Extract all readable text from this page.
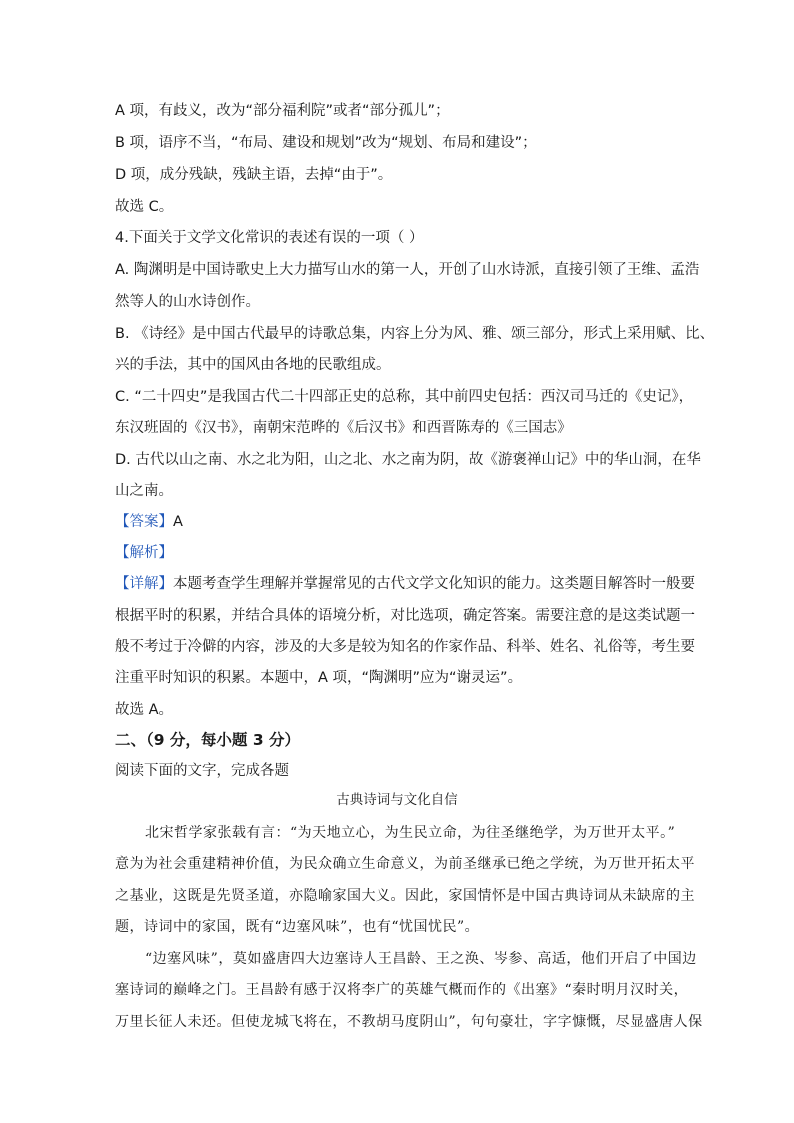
A 项，有歧义，改为“部分福利院”或者“部分孤儿”；
B 项，语序不当，“布局、建设和规划”改为“规划、布局和建设”；
D 项，成分残缺，残缺主语，去掉“由于”。
故选 C。
4.下面关于文学文化常识的表述有误的一项（ ）
A. 陶渊明是中国诗歌史上大力描写山水的第一人，开创了山水诗派，直接引领了王维、孟浩
然等人的山水诗创作。
B. 《诗经》是中国古代最早的诗歌总集，内容上分为风、雅、颂三部分，形式上采用赋、比、
兴的手法，其中的国风由各地的民歌组成。
C. “二十四史”是我国古代二十四部正史的总称，其中前四史包括：西汉司马迁的《史记》，
东汉班固的《汉书》，南朝宋范晔的《后汉书》和西晋陈寿的《三国志》
D. 古代以山之南、水之北为阳，山之北、水之南为阴，故《游褒禅山记》中的华山洞，在华
山之南。
【答案】A
【解析】
【详解】本题考查学生理解并掌握常见的古代文学文化知识的能力。这类题目解答时一般要
根据平时的积累，并结合具体的语境分析，对比选项，确定答案。需要注意的是这类试题一
般不考过于冷僻的内容，涉及的大多是较为知名的作家作品、科举、姓名、礼俗等，考生要
注重平时知识的积累。本题中，A 项，“陶渊明”应为“谢灵运”。
故选 A。
二、（9 分，每小题 3 分）
阅读下面的文字，完成各题
古典诗词与文化自信
北宋哲学家张载有言：“为天地立心，为生民立命，为往圣继绝学，为万世开太平。”
意为为社会重建精神价值，为民众确立生命意义，为前圣继承已绝之学统，为万世开拓太平
之基业，这既是先贤圣道，亦隐喻家国大义。因此，家国情怀是中国古典诗词从未缺席的主
题，诗词中的家国，既有“边塞风味”，也有“忧国忧民”。
“边塞风味”，莫如盛唐四大边塞诗人王昌龄、王之涣、岑参、高适，他们开启了中国边
塞诗词的巅峰之门。王昌龄有感于汉将李广的英雄气概而作的《出塞》“秦时明月汉时关，
万里长征人未还。但使龙城飞将在，不教胡马度阴山”，句句豪壮，字字慷慨，尽显盛唐人保
